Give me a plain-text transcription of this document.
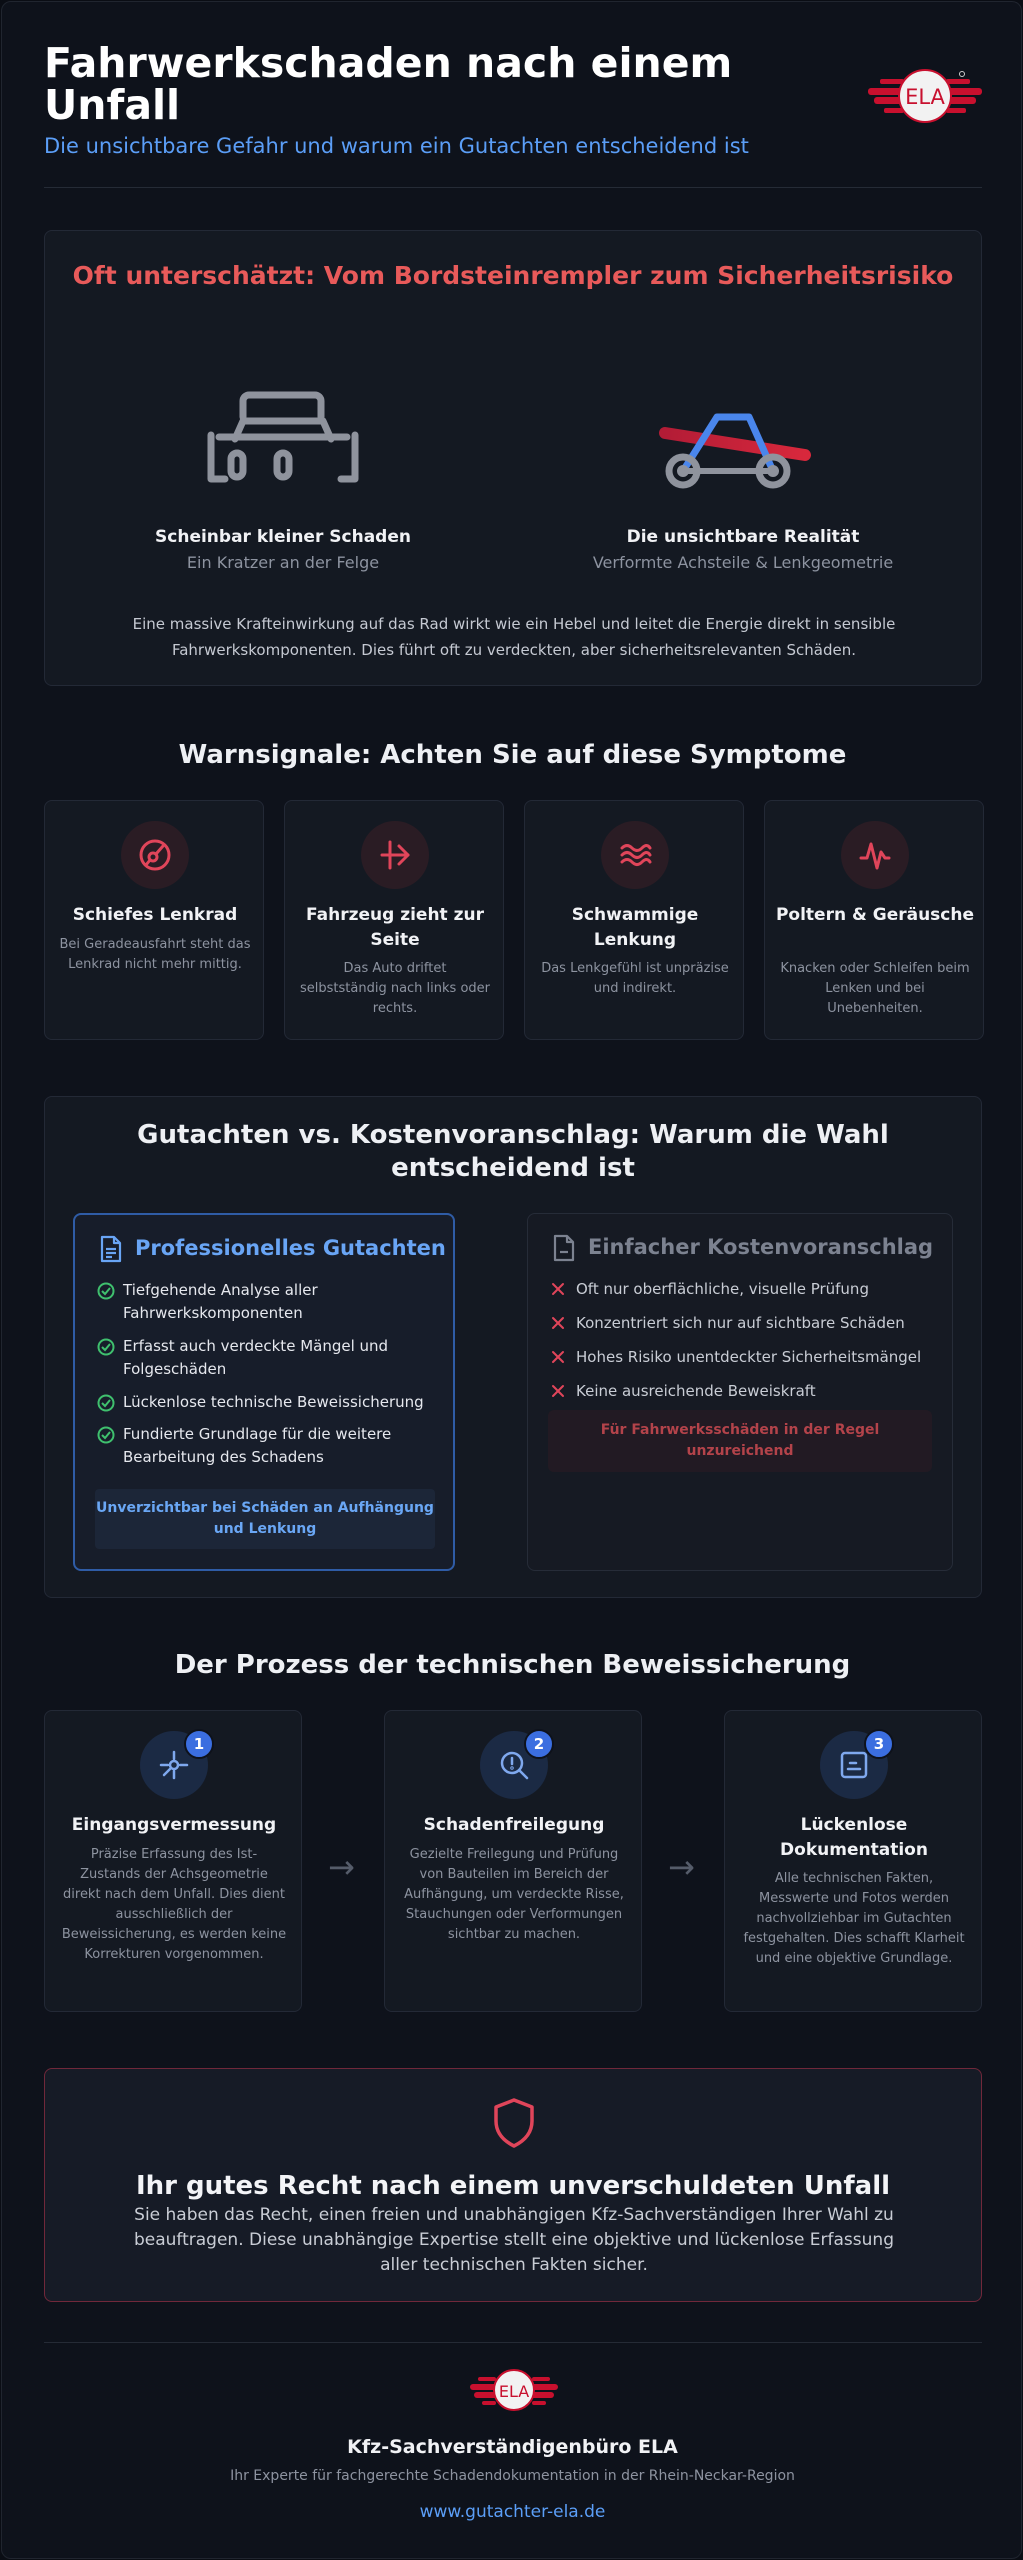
Fahrwerkschaden nach einem Unfall
Die unsichtbare Gefahr und warum ein Gutachten entscheidend ist
ELA
Oft unterschätzt: Vom Bordsteinrempler zum Sicherheitsrisiko
Scheinbar kleiner Schaden
Ein Kratzer an der Felge
Die unsichtbare Realität
Verformte Achsteile & Lenkgeometrie
Eine massive Krafteinwirkung auf das Rad wirkt wie ein Hebel und leitet die Energie direkt in sensible Fahrwerkskomponenten. Dies führt oft zu verdeckten, aber sicherheitsrelevanten Schäden.
Warnsignale: Achten Sie auf diese Symptome
Schiefes Lenkrad
Bei Geradeausfahrt steht das Lenkrad nicht mehr mittig.
Fahrzeug zieht zur Seite
Das Auto driftet selbstständig nach links oder rechts.
Schwammige Lenkung
Das Lenkgefühl ist unpräzise und indirekt.
Poltern & Geräusche
Knacken oder Schleifen beim Lenken und bei Unebenheiten.
Gutachten vs. Kostenvoranschlag: Warum die Wahl entscheidend ist
Professionelles Gutachten
Tiefgehende Analyse aller Fahrwerkskomponenten
Erfasst auch verdeckte Mängel und Folgeschäden
Lückenlose technische Beweissicherung
Fundierte Grundlage für die weitere Bearbeitung des Schadens
Unverzichtbar bei Schäden an Aufhängung und Lenkung
Einfacher Kostenvoranschlag
Oft nur oberflächliche, visuelle Prüfung
Konzentriert sich nur auf sichtbare Schäden
Hohes Risiko unentdeckter Sicherheitsmängel
Keine ausreichende Beweiskraft
Für Fahrwerksschäden in der Regel unzureichend
Der Prozess der technischen Beweissicherung
1
Eingangsvermessung
Präzise Erfassung des Ist-Zustands der Achsgeometrie direkt nach dem Unfall. Dies dient ausschließlich der Beweissicherung, es werden keine Korrekturen vorgenommen.
→
2
Schadenfreilegung
Gezielte Freilegung und Prüfung von Bauteilen im Bereich der Aufhängung, um verdeckte Risse, Stauchungen oder Verformungen sichtbar zu machen.
→
3
Lückenlose Dokumentation
Alle technischen Fakten, Messwerte und Fotos werden nachvollziehbar im Gutachten festgehalten. Dies schafft Klarheit und eine objektive Grundlage.
Ihr gutes Recht nach einem unverschuldeten Unfall
Sie haben das Recht, einen freien und unabhängigen Kfz-Sachverständigen Ihrer Wahl zu beauftragen. Diese unabhängige Expertise stellt eine objektive und lückenlose Erfassung aller technischen Fakten sicher.
ELA
Kfz-Sachverständigenbüro ELA
Ihr Experte für fachgerechte Schadendokumentation in der Rhein-Neckar-Region
www.gutachter-ela.de
